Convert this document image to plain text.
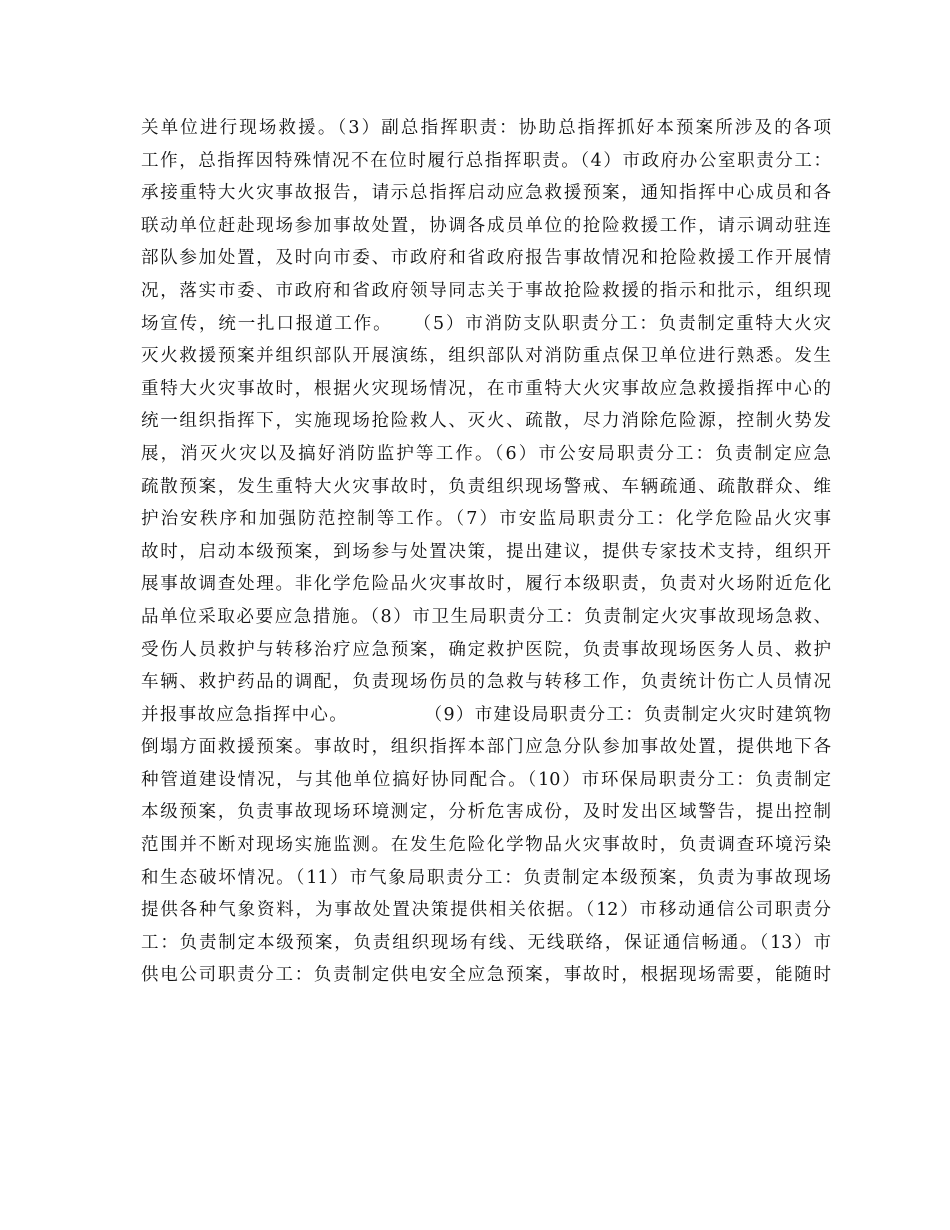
关单位进行现场救援。（3）副总指挥职责：协助总指挥抓好本预案所涉及的各项
工作，总指挥因特殊情况不在位时履行总指挥职责。（4）市政府办公室职责分工：
承接重特大火灾事故报告，请示总指挥启动应急救援预案，通知指挥中心成员和各
联动单位赶赴现场参加事故处置，协调各成员单位的抢险救援工作，请示调动驻连
部队参加处置，及时向市委、市政府和省政府报告事故情况和抢险救援工作开展情
况，落实市委、市政府和省政府领导同志关于事故抢险救援的指示和批示，组织现
场宣传，统一扎口报道工作。　　（5）市消防支队职责分工：负责制定重特大火灾
灭火救援预案并组织部队开展演练，组织部队对消防重点保卫单位进行熟悉。发生
重特大火灾事故时，根据火灾现场情况，在市重特大火灾事故应急救援指挥中心的
统一组织指挥下，实施现场抢险救人、灭火、疏散，尽力消除危险源，控制火势发
展，消灭火灾以及搞好消防监护等工作。（6）市公安局职责分工：负责制定应急
疏散预案，发生重特大火灾事故时，负责组织现场警戒、车辆疏通、疏散群众、维
护治安秩序和加强防范控制等工作。（7）市安监局职责分工：化学危险品火灾事
故时，启动本级预案，到场参与处置决策，提出建议，提供专家技术支持，组织开
展事故调查处理。非化学危险品火灾事故时，履行本级职责，负责对火场附近危化
品单位采取必要应急措施。（8）市卫生局职责分工：负责制定火灾事故现场急救、
受伤人员救护与转移治疗应急预案，确定救护医院，负责事故现场医务人员、救护
车辆、救护药品的调配，负责现场伤员的急救与转移工作，负责统计伤亡人员情况
并报事故应急指挥中心。　　　　　（9）市建设局职责分工：负责制定火灾时建筑物
倒塌方面救援预案。事故时，组织指挥本部门应急分队参加事故处置，提供地下各
种管道建设情况，与其他单位搞好协同配合。（10）市环保局职责分工：负责制定
本级预案，负责事故现场环境测定，分析危害成份，及时发出区域警告，提出控制
范围并不断对现场实施监测。在发生危险化学物品火灾事故时，负责调查环境污染
和生态破坏情况。（11）市气象局职责分工：负责制定本级预案，负责为事故现场
提供各种气象资料，为事故处置决策提供相关依据。（12）市移动通信公司职责分
工：负责制定本级预案，负责组织现场有线、无线联络，保证通信畅通。（13）市
供电公司职责分工：负责制定供电安全应急预案，事故时，根据现场需要，能随时
